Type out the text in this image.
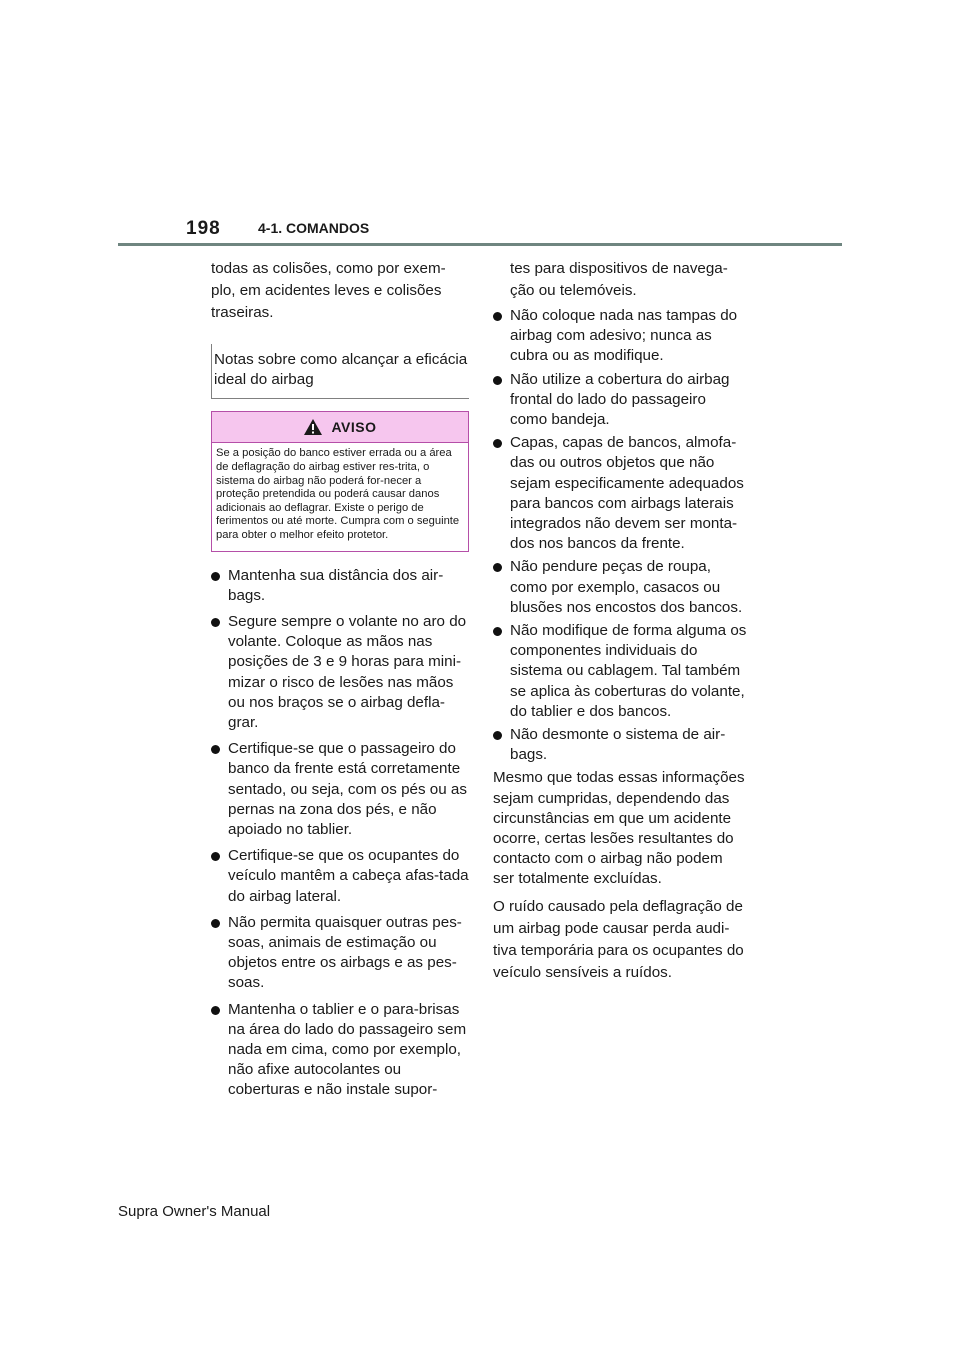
198	4-1. COMANDOS

todas as colisões, como por exem-plo, em acidentes leves e colisões traseiras.

Notas sobre como alcançar a eficácia ideal do airbag
AVISO
Se a posição do banco estiver errada ou a área de deflagração do airbag estiver res-trita, o sistema do airbag não poderá for-necer a proteção pretendida ou poderá causar danos adicionais ao deflagrar. Existe o perigo de ferimentos ou até morte. Cumpra com o seguinte para obter o melhor efeito protetor.
Mantenha sua distância dos air-bags.
Segure sempre o volante no aro do volante. Coloque as mãos nas posições de 3 e 9 horas para mini-mizar o risco de lesões nas mãos ou nos braços se o airbag defla-grar.
Certifique-se que o passageiro do banco da frente está corretamente sentado, ou seja, com os pés ou as pernas na zona dos pés, e não apoiado no tablier.
Certifique-se que os ocupantes do veículo mantêm a cabeça afas-tada do airbag lateral.
Não permita quaisquer outras pes-soas, animais de estimação ou objetos entre os airbags e as pes-soas.
Mantenha o tablier e o para-brisas na área do lado do passageiro sem nada em cima, como por exemplo, não afixe autocolantes ou coberturas e não instale supor-

tes para dispositivos de navega-ção ou telemóveis.

Não coloque nada nas tampas do airbag com adesivo; nunca as cubra ou as modifique.
Não utilize a cobertura do airbag frontal do lado do passageiro como bandeja.
Capas, capas de bancos, almofa-das ou outros objetos que não sejam especificamente adequados para bancos com airbags laterais integrados não devem ser monta-dos nos bancos da frente.
Não pendure peças de roupa, como por exemplo, casacos ou blusões nos encostos dos bancos.
Não modifique de forma alguma os componentes individuais do sistema ou cablagem. Tal também se aplica às coberturas do volante, do tablier e dos bancos.
Não desmonte o sistema de air-bags.

Mesmo que todas essas informações sejam cumpridas, dependendo das circunstâncias em que um acidente ocorre, certas lesões resultantes do contacto com o airbag não podem ser totalmente excluídas.

O ruído causado pela deflagração de um airbag pode causar perda audi-tiva temporária para os ocupantes do veículo sensíveis a ruídos.

Supra Owner's Manual
